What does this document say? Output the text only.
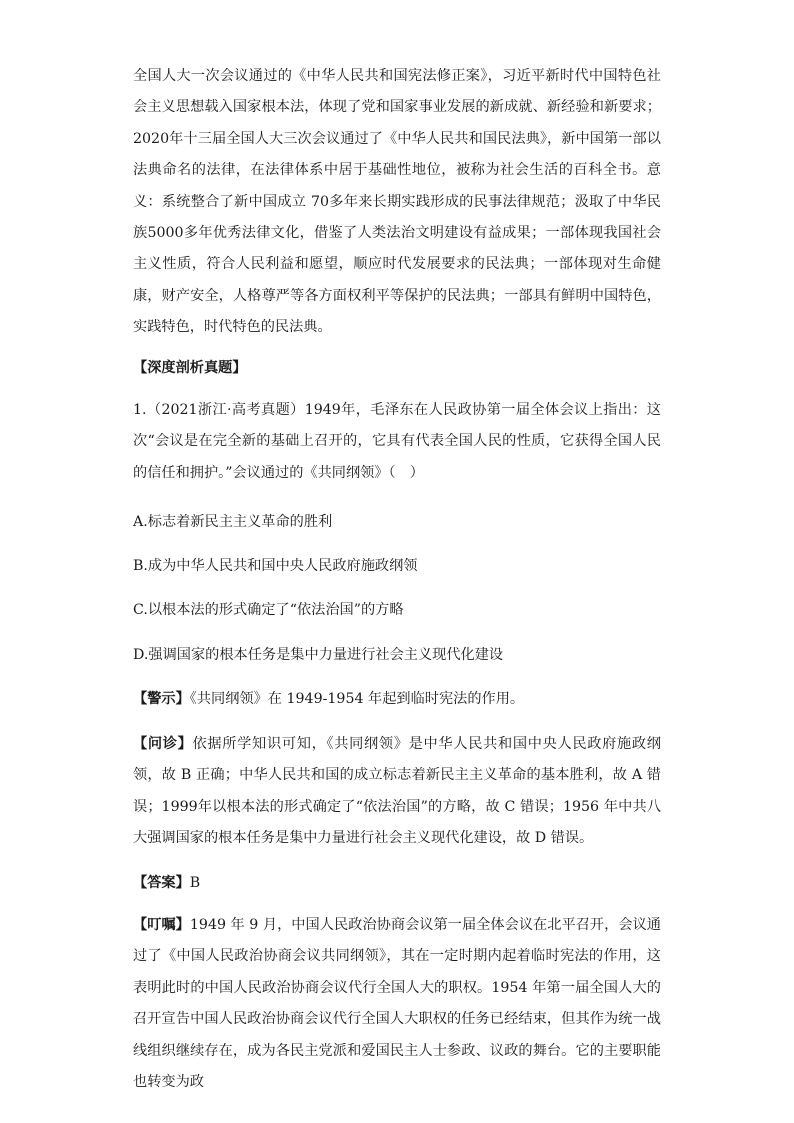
全国人大一次会议通过的《中华人民共和国宪法修正案》，习近平新时代中国特色社会主义思想载入国家根本法，体现了党和国家事业发展的新成就、新经验和新要求；2020年十三届全国人大三次会议通过了《中华人民共和国民法典》，新中国第一部以法典命名的法律，在法律体系中居于基础性地位，被称为社会生活的百科全书。意义：系统整合了新中国成立 70多年来长期实践形成的民事法律规范；汲取了中华民族5000多年优秀法律文化，借鉴了人类法治文明建设有益成果；一部体现我国社会主义性质，符合人民利益和愿望，顺应时代发展要求的民法典；一部体现对生命健康，财产安全，人格尊严等各方面权利平等保护的民法典；一部具有鲜明中国特色，实践特色，时代特色的民法典。

【深度剖析真题】

1.（2021浙江·高考真题）1949年，毛泽东在人民政协第一届全体会议上指出：这次“会议是在完全新的基础上召开的，它具有代表全国人民的性质，它获得全国人民的信任和拥护。”会议通过的《共同纲领》（　）

A.标志着新民主主义革命的胜利

B.成为中华人民共和国中央人民政府施政纲领

C.以根本法的形式确定了“依法治国”的方略

D.强调国家的根本任务是集中力量进行社会主义现代化建设

【警示】《共同纲领》在 1949-1954 年起到临时宪法的作用。

【问诊】依据所学知识可知，《共同纲领》是中华人民共和国中央人民政府施政纲领，故 B 正确；中华人民共和国的成立标志着新民主主义革命的基本胜利，故 A 错误；1999年以根本法的形式确定了“依法治国”的方略，故 C 错误；1956 年中共八大强调国家的根本任务是集中力量进行社会主义现代化建设，故 D 错误。

【答案】B

【叮嘱】1949 年 9 月，中国人民政治协商会议第一届全体会议在北平召开，会议通过了《中国人民政治协商会议共同纲领》，其在一定时期内起着临时宪法的作用，这表明此时的中国人民政治协商会议代行全国人大的职权。1954 年第一届全国人大的召开宣告中国人民政治协商会议代行全国人大职权的任务已经结束，但其作为统一战线组织继续存在，成为各民主党派和爱国民主人士参政、议政的舞台。它的主要职能也转变为政
